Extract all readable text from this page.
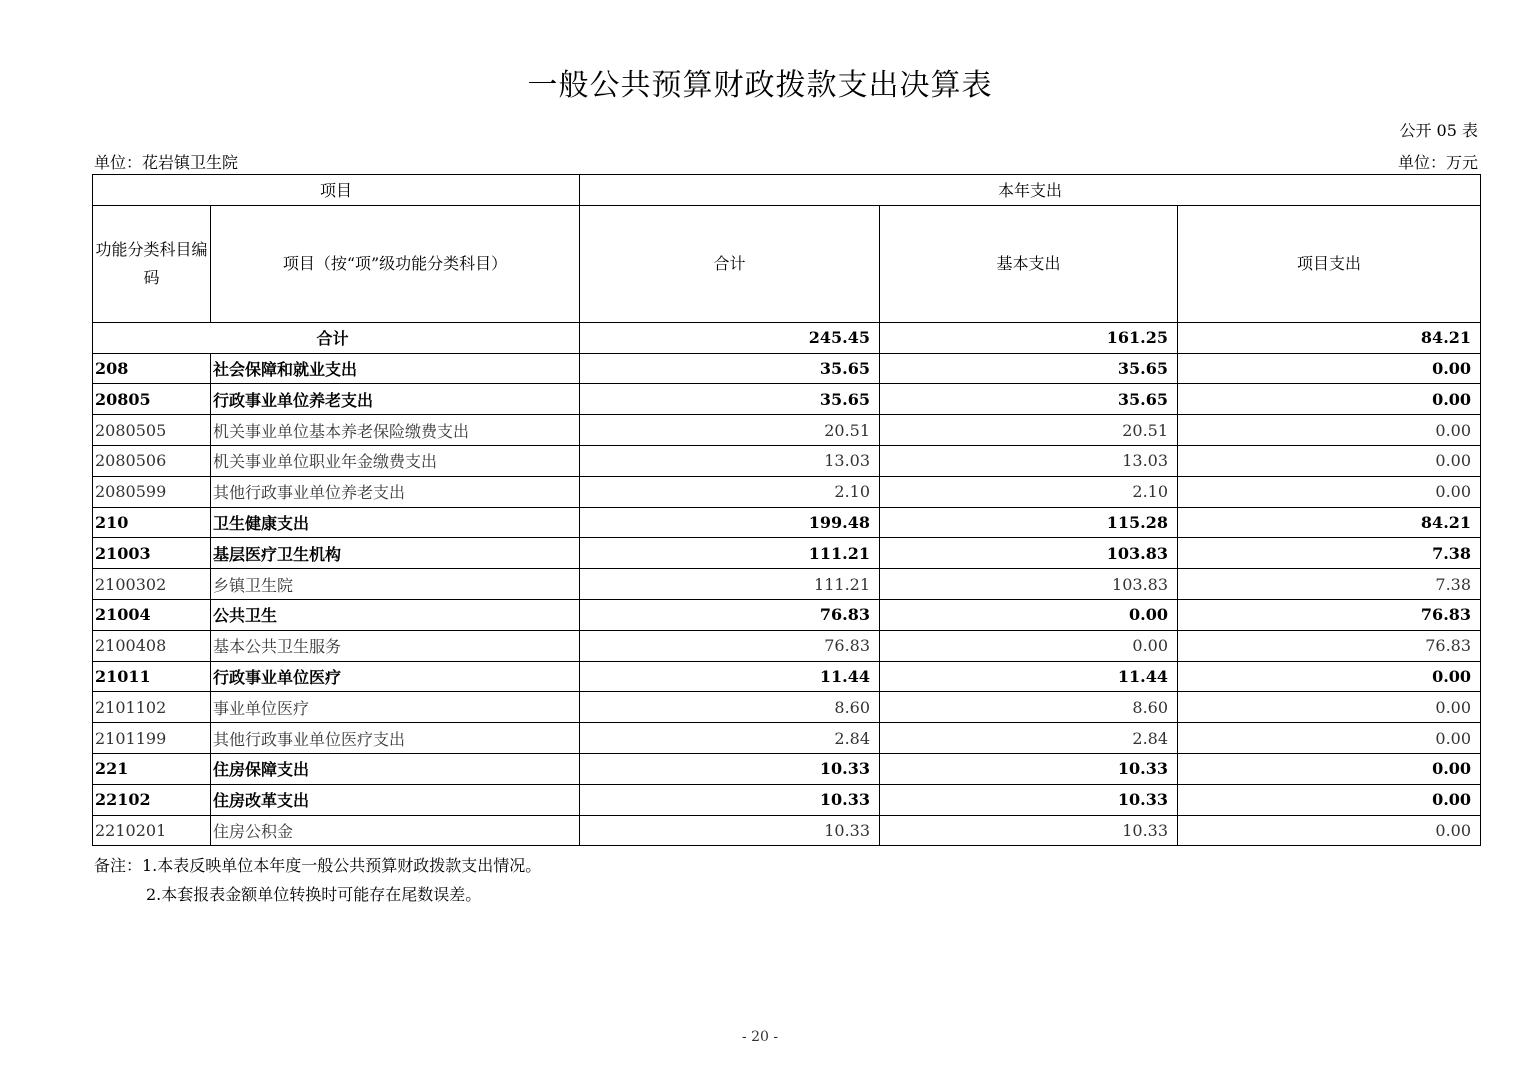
一般公共预算财政拨款支出决算表
公开 05 表
单位：花岩镇卫生院	单位：万元
项目		本年支出		
功能分类科目编码	项目（按“项”级功能分类科目）	合计	基本支出	项目支出
合计		245.45	161.25	84.21
208	社会保障和就业支出	35.65	35.65	0.00
20805	行政事业单位养老支出	35.65	35.65	0.00
2080505	机关事业单位基本养老保险缴费支出	20.51	20.51	0.00
2080506	机关事业单位职业年金缴费支出	13.03	13.03	0.00
2080599	其他行政事业单位养老支出	2.10	2.10	0.00
210	卫生健康支出	199.48	115.28	84.21
21003	基层医疗卫生机构	111.21	103.83	7.38
2100302	乡镇卫生院	111.21	103.83	7.38
21004	公共卫生	76.83	0.00	76.83
2100408	基本公共卫生服务	76.83	0.00	76.83
21011	行政事业单位医疗	11.44	11.44	0.00
2101102	事业单位医疗	8.60	8.60	0.00
2101199	其他行政事业单位医疗支出	2.84	2.84	0.00
221	住房保障支出	10.33	10.33	0.00
22102	住房改革支出	10.33	10.33	0.00
2210201	住房公积金	10.33	10.33	0.00
备注：1.本表反映单位本年度一般公共预算财政拨款支出情况。
2.本套报表金额单位转换时可能存在尾数误差。
- 20 -
